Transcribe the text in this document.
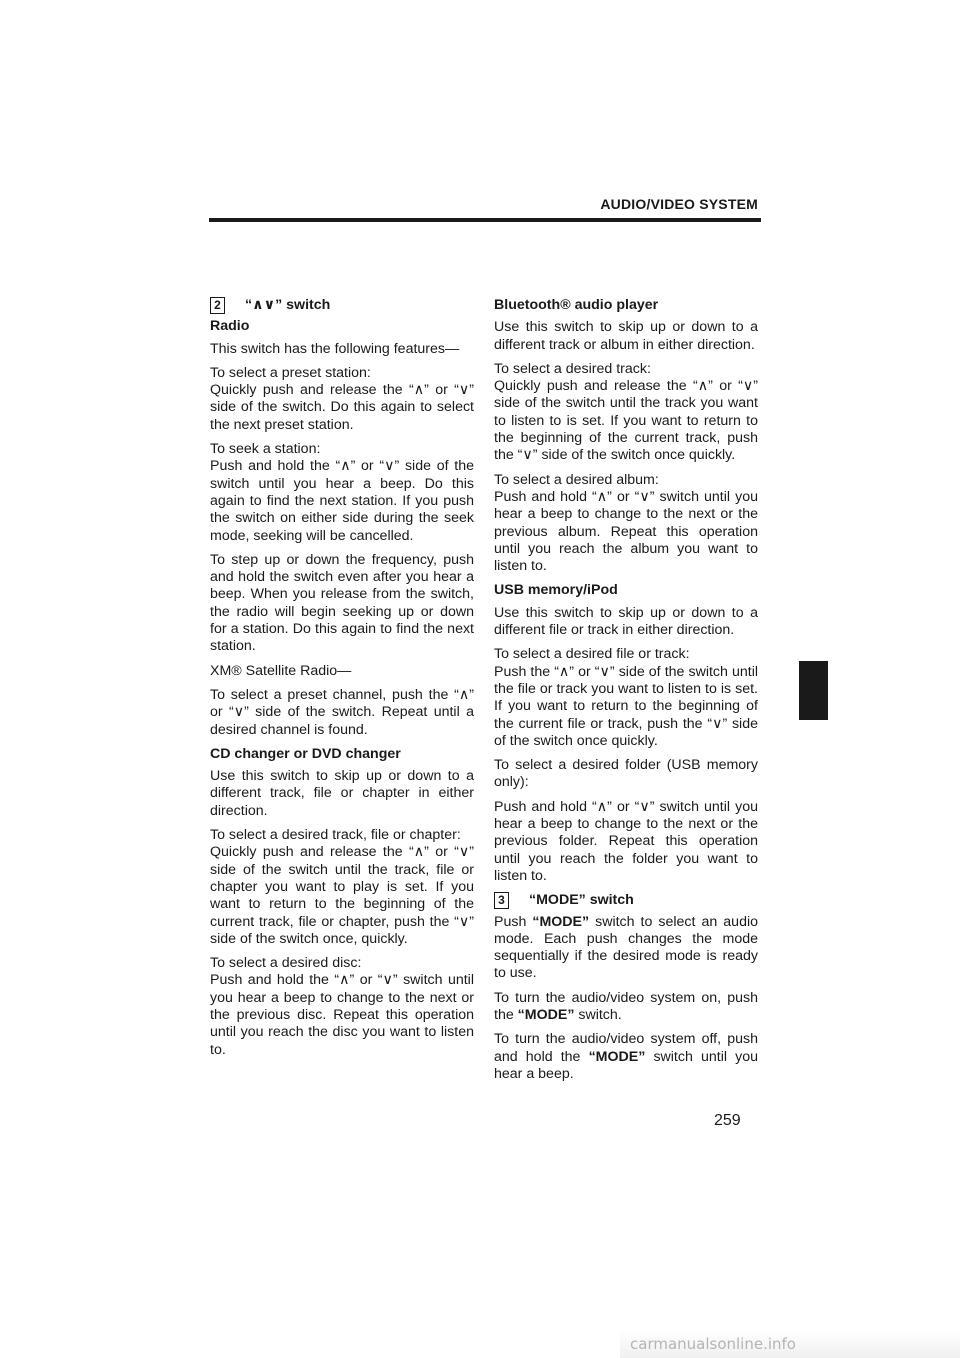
AUDIO/VIDEO SYSTEM
2 “∧∨” switch

Radio

This switch has the following features—

To select a preset station:
Quickly push and release the “∧” or “∨” side of the switch. Do this again to select the next preset station.

To seek a station:
Push and hold the “∧” or “∨” side of the switch until you hear a beep. Do this again to find the next station. If you push the switch on either side during the seek mode, seeking will be cancelled.

To step up or down the frequency, push and hold the switch even after you hear a beep. When you release from the switch, the radio will begin seeking up or down for a station. Do this again to find the next station.

XM® Satellite Radio—

To select a preset channel, push the “∧” or “∨” side of the switch. Repeat until a desired channel is found.

CD changer or DVD changer

Use this switch to skip up or down to a different track, file or chapter in either direction.

To select a desired track, file or chapter:
Quickly push and release the “∧” or “∨” side of the switch until the track, file or chapter you want to play is set. If you want to return to the beginning of the current track, file or chapter, push the “∨” side of the switch once, quickly.

To select a desired disc:
Push and hold the “∧” or “∨” switch until you hear a beep to change to the next or the previous disc. Repeat this operation until you reach the disc you want to listen to.

Bluetooth® audio player

Use this switch to skip up or down to a different track or album in either direction.

To select a desired track:
Quickly push and release the “∧” or “∨” side of the switch until the track you want to listen to is set. If you want to return to the beginning of the current track, push the “∨” side of the switch once quickly.

To select a desired album:
Push and hold “∧” or “∨” switch until you hear a beep to change to the next or the previous album. Repeat this operation until you reach the album you want to listen to.

USB memory/iPod

Use this switch to skip up or down to a different file or track in either direction.

To select a desired file or track:
Push the “∧” or “∨” side of the switch until the file or track you want to listen to is set. If you want to return to the beginning of the current file or track, push the “∨” side of the switch once quickly.

To select a desired folder (USB memory only):

Push and hold “∧” or “∨” switch until you hear a beep to change to the next or the previous folder. Repeat this operation until you reach the folder you want to listen to.

3 “MODE” switch

Push “MODE” switch to select an audio mode. Each push changes the mode sequentially if the desired mode is ready to use.

To turn the audio/video system on, push the “MODE” switch.

To turn the audio/video system off, push and hold the “MODE” switch until you hear a beep.

259
carmanualsonline.info
